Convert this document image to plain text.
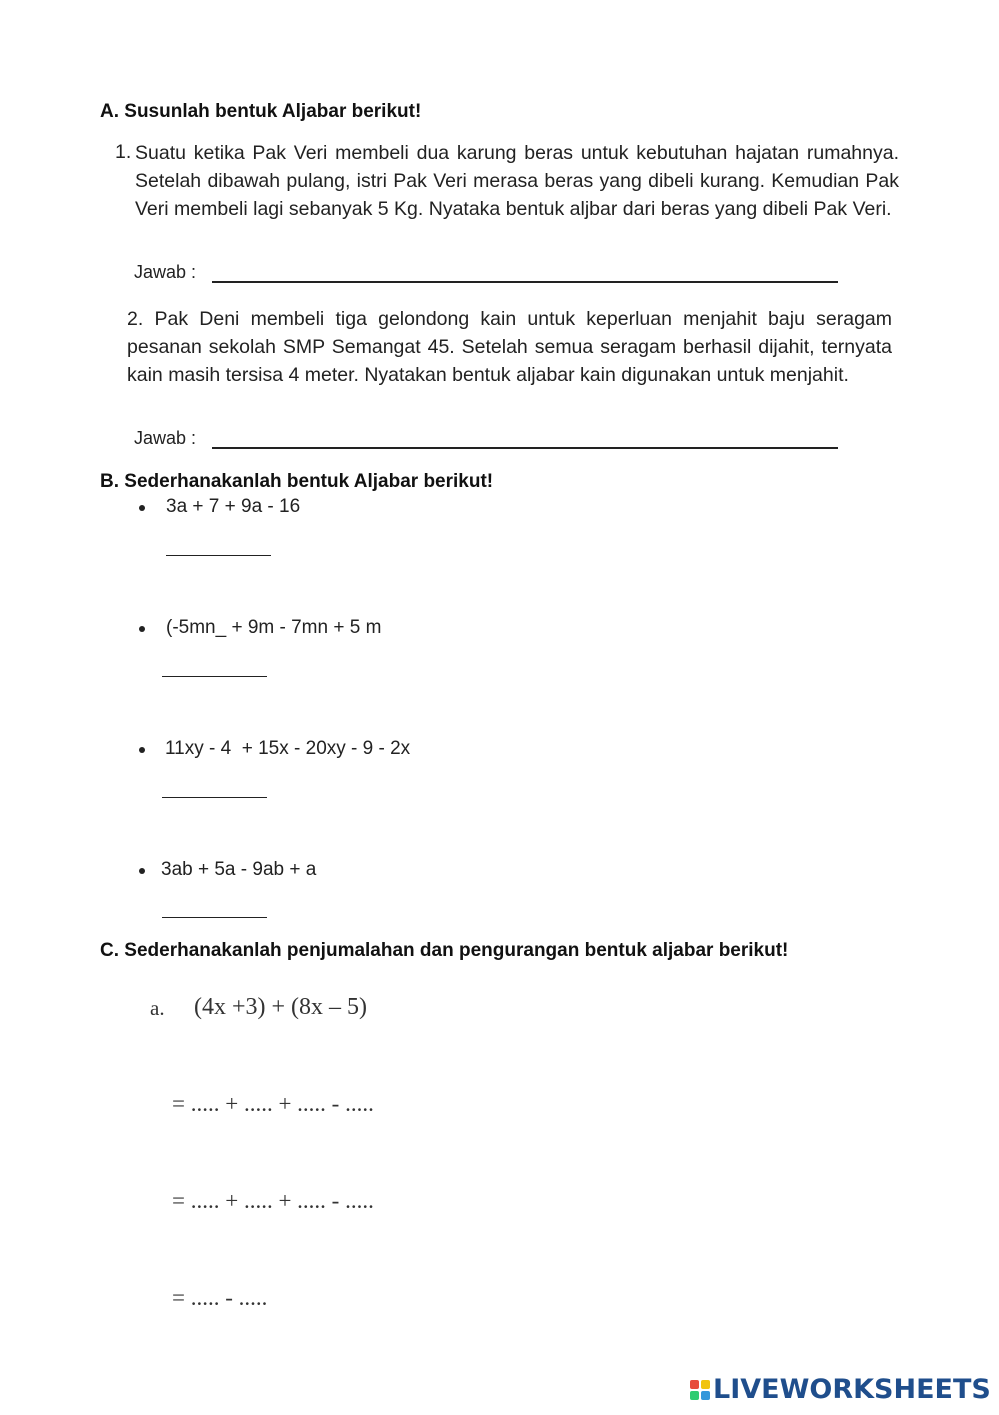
A. Susunlah bentuk Aljabar berikut!
1. Suatu ketika Pak Veri membeli dua karung beras untuk kebutuhan hajatan rumahnya. Setelah dibawah pulang, istri Pak Veri merasa beras yang dibeli kurang. Kemudian Pak Veri membeli lagi sebanyak 5 Kg. Nyataka bentuk aljbar dari beras yang dibeli Pak Veri.
Jawab :
2. Pak Deni membeli tiga gelondong kain untuk keperluan menjahit baju seragam pesanan sekolah SMP Semangat 45. Setelah semua seragam berhasil dijahit, ternyata kain masih tersisa 4 meter. Nyatakan bentuk aljabar kain digunakan untuk menjahit.
Jawab :
B. Sederhanakanlah bentuk Aljabar berikut!
3a + 7 + 9a - 16
(-5mn_ + 9m - 7mn + 5 m
11xy - 4  + 15x - 20xy - 9 - 2x
3ab + 5a - 9ab + a
C. Sederhanakanlah penjumalahan dan pengurangan bentuk aljabar berikut!
a. (4x +3) + (8x – 5)
= ..... + ..... + ..... - .....
= ..... + ..... + ..... - .....
= ..... - .....
LIVEWORKSHEETS
